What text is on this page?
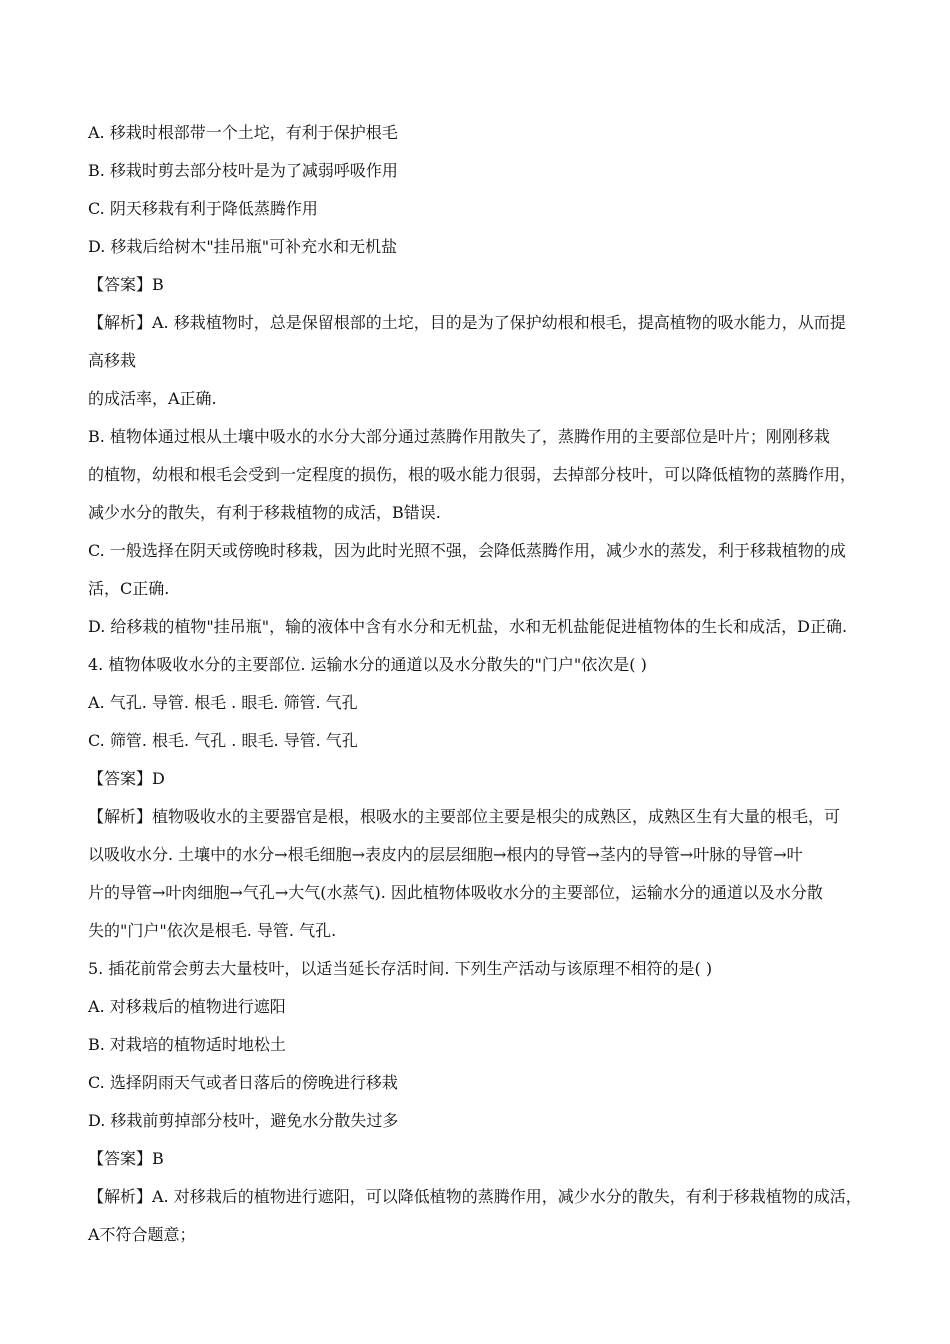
A. 移栽时根部带一个土坨，有利于保护根毛
B. 移栽时剪去部分枝叶是为了减弱呼吸作用
C. 阴天移栽有利于降低蒸腾作用
D. 移栽后给树木"挂吊瓶"可补充水和无机盐
【答案】B
【解析】A. 移栽植物时，总是保留根部的土坨，目的是为了保护幼根和根毛，提高植物的吸水能力，从而提
高移栽
的成活率，A正确.
B. 植物体通过根从土壤中吸水的水分大部分通过蒸腾作用散失了，蒸腾作用的主要部位是叶片；刚刚移栽
的植物，幼根和根毛会受到一定程度的损伤，根的吸水能力很弱，去掉部分枝叶，可以降低植物的蒸腾作用，
减少水分的散失，有利于移栽植物的成活，B错误.
C. 一般选择在阴天或傍晚时移栽，因为此时光照不强，会降低蒸腾作用，减少水的蒸发，利于移栽植物的成
活，C正确.
D. 给移栽的植物"挂吊瓶"，输的液体中含有水分和无机盐，水和无机盐能促进植物体的生长和成活，D正确.
4. 植物体吸收水分的主要部位. 运输水分的通道以及水分散失的"门户"依次是( )
A. 气孔. 导管. 根毛 . 眼毛. 筛管. 气孔
C. 筛管. 根毛. 气孔 . 眼毛. 导管. 气孔
【答案】D
【解析】植物吸收水的主要器官是根，根吸水的主要部位主要是根尖的成熟区，成熟区生有大量的根毛，可
以吸收水分. 土壤中的水分→根毛细胞→表皮内的层层细胞→根内的导管→茎内的导管→叶脉的导管→叶
片的导管→叶肉细胞→气孔→大气(水蒸气). 因此植物体吸收水分的主要部位，运输水分的通道以及水分散
失的"门户"依次是根毛. 导管. 气孔.
5. 插花前常会剪去大量枝叶，以适当延长存活时间. 下列生产活动与该原理不相符的是( )
A. 对移栽后的植物进行遮阳
B. 对栽培的植物适时地松土
C. 选择阴雨天气或者日落后的傍晚进行移栽
D. 移栽前剪掉部分枝叶，避免水分散失过多
【答案】B
【解析】A. 对移栽后的植物进行遮阳，可以降低植物的蒸腾作用，减少水分的散失，有利于移栽植物的成活，
A不符合题意；
